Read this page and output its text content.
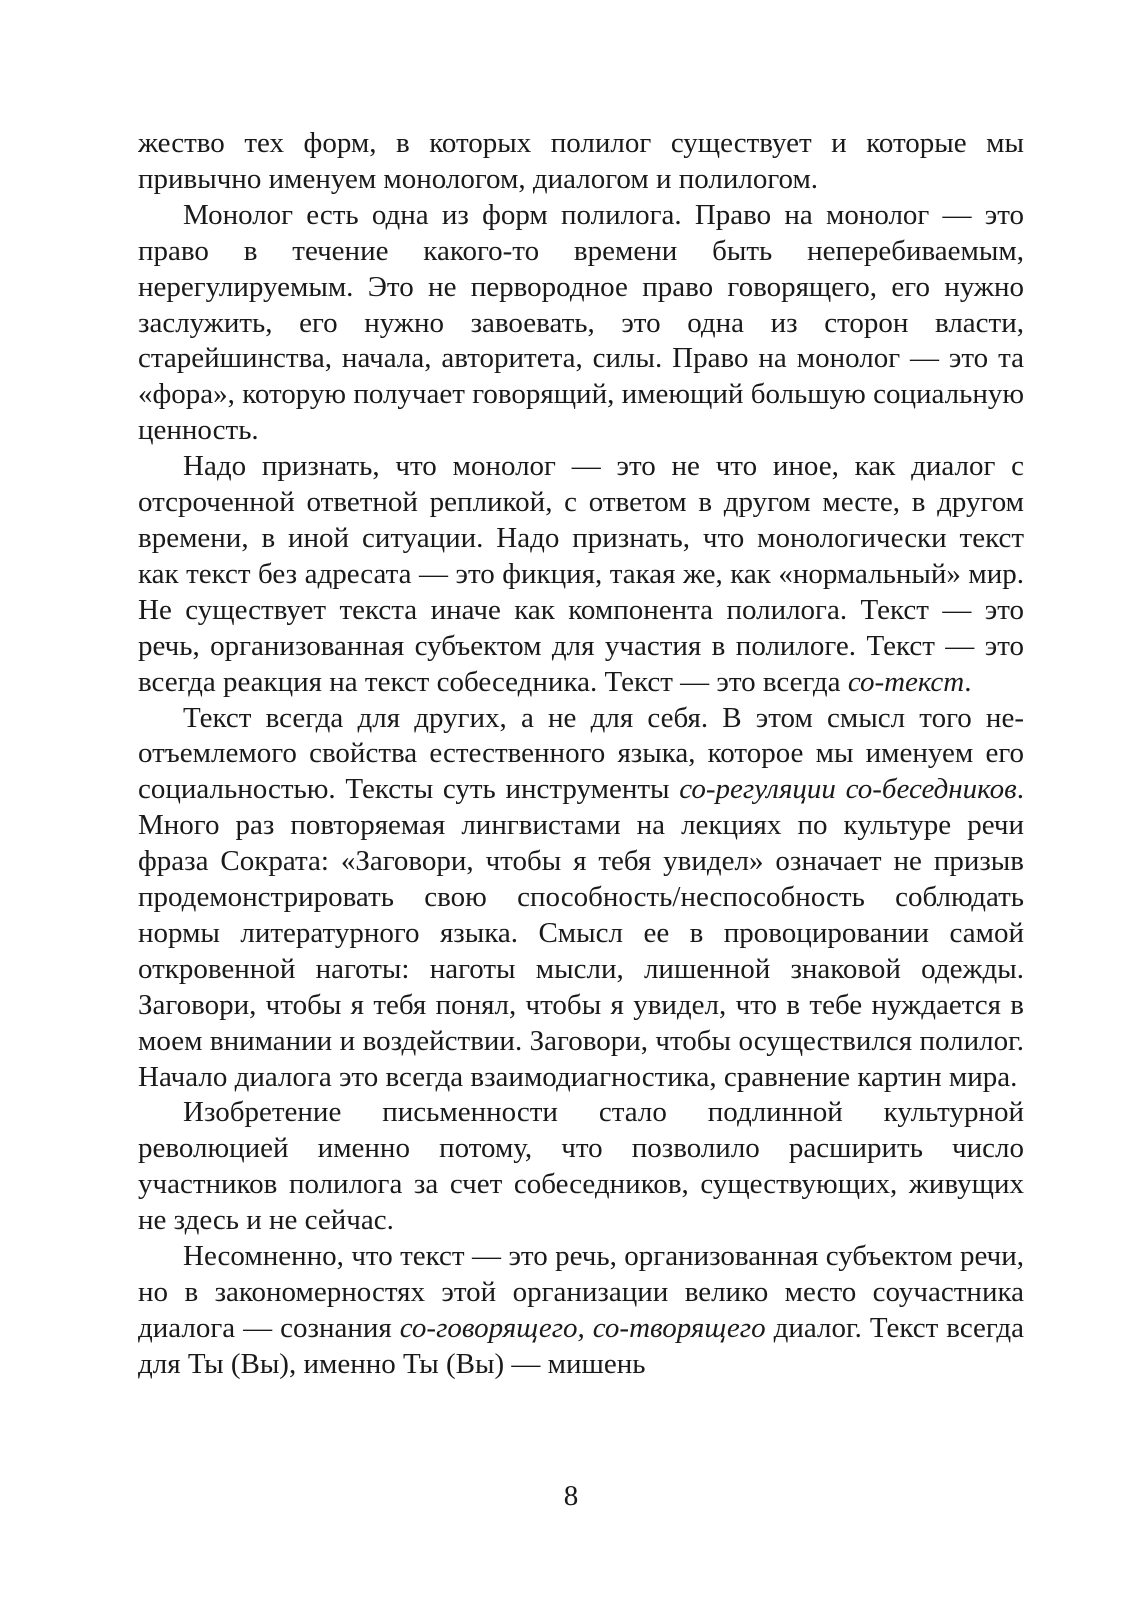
жество тех форм, в которых полилог существует и которые мы привычно именуем монологом, диалогом и полилогом.

Монолог есть одна из форм полилога. Право на монолог — это право в течение какого-то времени быть неперебиваемым, нерегулируемым. Это не первородное право говорящего, его нужно заслужить, его нужно завоевать, это одна из сторон власти, старейшинства, начала, авторитета, силы. Право на монолог — это та «фора», которую получает говорящий, имеющий большую социальную ценность.

Надо признать, что монолог — это не что иное, как диалог с отсроченной ответной репликой, с ответом в другом месте, в другом времени, в иной ситуации. Надо признать, что монологически текст как текст без адресата — это фикция, такая же, как «нормальный» мир. Не существует текста иначе как компонента полилога. Текст — это речь, организованная субъектом для участия в полилоге. Текст — это всегда реакция на текст собеседника. Текст — это всегда со-текст.

Текст всегда для других, а не для себя. В этом смысл того неотъемлемого свойства естественного языка, которое мы именуем его социальностью. Тексты суть инструменты со-регуляции со-беседников. Много раз повторяемая лингвистами на лекциях по культуре речи фраза Сократа: «Заговори, чтобы я тебя увидел» означает не призыв продемонстрировать свою способность/неспособность соблюдать нормы литературного языка. Смысл ее в провоцировании самой откровенной наготы: наготы мысли, лишенной знаковой одежды. Заговори, чтобы я тебя понял, чтобы я увидел, что в тебе нуждается в моем внимании и воздействии. Заговори, чтобы осуществился полилог. Начало диалога это всегда взаимодиагностика, сравнение картин мира.

Изобретение письменности стало подлинной культурной революцией именно потому, что позволило расширить число участников полилога за счет собеседников, существующих, живущих не здесь и не сейчас.

Несомненно, что текст — это речь, организованная субъектом речи, но в закономерностях этой организации велико место соучастника диалога — сознания со-говорящего, со-творящего диалог. Текст всегда для Ты (Вы), именно Ты (Вы) — мишень

8
